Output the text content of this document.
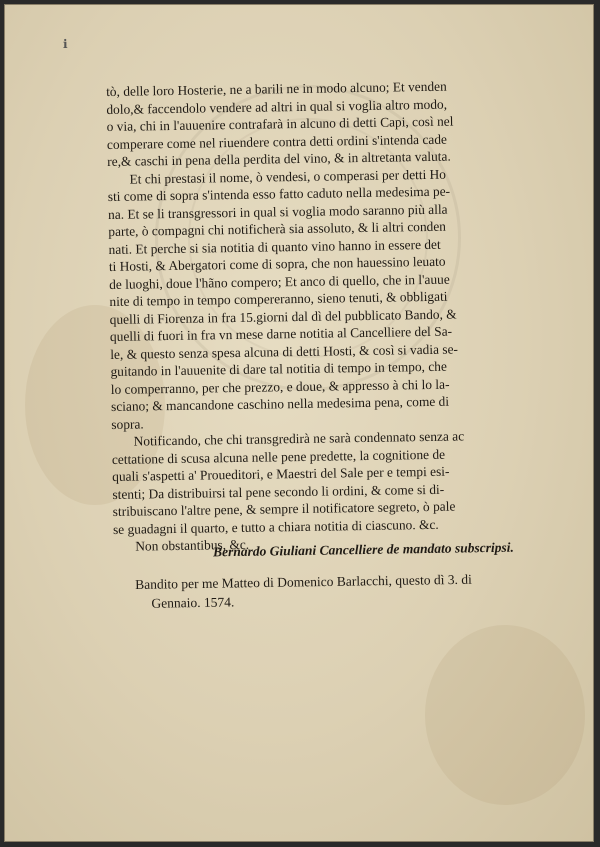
ℹ
tò, delle loro Hosterie, ne a barili ne in modo alcuno; Et venden
dolo,& faccendolo vendere ad altri in qual si voglia altro modo,
o via, chi in l'auuenire contrafarà in alcuno di detti Capi, così nel
comperare come nel riuendere contra detti ordini s'intenda cade
re,& caschi in pena della perdita del vino, & in altretanta valuta.
Et chi prestasi il nome, ò vendesi, o comperasi per detti Ho
sti come di sopra s'intenda esso fatto caduto nella medesima pe-
na. Et se li transgressori in qual si voglia modo saranno più alla
parte, ò compagni chi notificherà sia assoluto, & li altri conden
nati. Et perche si sia notitia di quanto vino hanno in essere det
ti Hosti, & Abergatori come di sopra, che non hauessino leuato
de luoghi, doue l'hãno compero; Et anco di quello, che in l'auue
nite di tempo in tempo compereranno, sieno tenuti, & obbligati
quelli di Fiorenza in fra 15.giorni dal dì del pubblicato Bando, &
quelli di fuori in fra vn mese darne notitia al Cancelliere del Sa-
le, & questo senza spesa alcuna di detti Hosti, & così si vadia se-
guitando in l'auuenite di dare tal notitia di tempo in tempo, che
lo comperranno, per che prezzo, e doue, & appresso à chi lo la-
sciano; & mancandone caschino nella medesima pena, come di
sopra.
Notificando, che chi transgredirà ne sarà condennato senza ac
cettatione di scusa alcuna nelle pene predette, la cognitione de
quali s'aspetti a' Proueditori, e Maestri del Sale per e tempi esi-
stenti; Da distribuirsi tal pene secondo li ordini, & come si di-
stribuiscano l'altre pene, & sempre il notificatore segreto, ò pale
se guadagni il quarto, e tutto a chiara notitia di ciascuno. &c.
Non obstantibus, &c.
Bernardo Giuliani Cancelliere de mandato subscripsi.
Bandito per me Matteo di Domenico Barlacchi, questo dì 3. di
Gennaio. 1574.
